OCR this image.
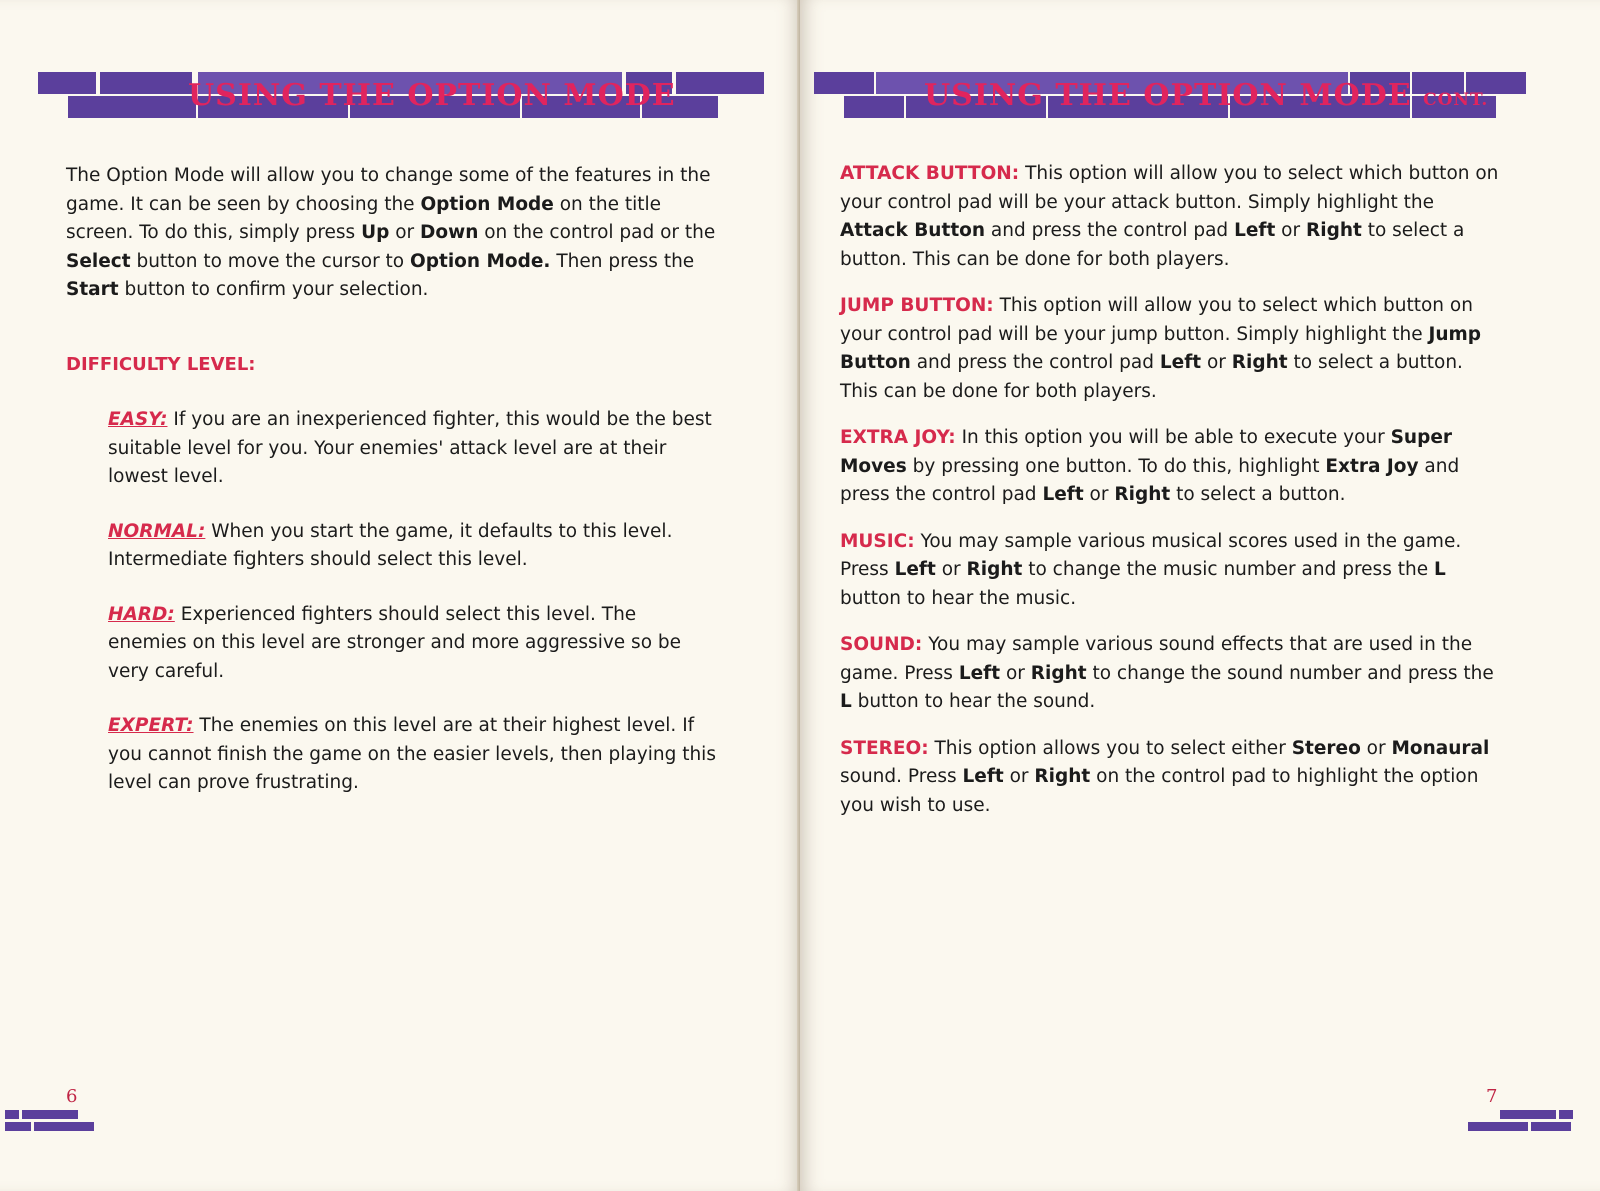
USING THE OPTION MODE

The Option Mode will allow you to change some of the features in the game. It can be seen by choosing the Option Mode on the title screen. To do this, simply press Up or Down on the control pad or the Select button to move the cursor to Option Mode. Then press the Start button to confirm your selection.

DIFFICULTY LEVEL:

EASY: If you are an inexperienced fighter, this would be the best suitable level for you. Your enemies' attack level are at their lowest level.

NORMAL: When you start the game, it defaults to this level. Intermediate fighters should select this level.

HARD: Experienced fighters should select this level. The enemies on this level are stronger and more aggressive so be very careful.

EXPERT: The enemies on this level are at their highest level. If you cannot finish the game on the easier levels, then playing this level can prove frustrating.

6
USING THE OPTION MODE CONT.

ATTACK BUTTON: This option will allow you to select which button on your control pad will be your attack button. Simply highlight the Attack Button and press the control pad Left or Right to select a button. This can be done for both players.

JUMP BUTTON: This option will allow you to select which button on your control pad will be your jump button. Simply highlight the Jump Button and press the control pad Left or Right to select a button. This can be done for both players.

EXTRA JOY: In this option you will be able to execute your Super Moves by pressing one button. To do this, highlight Extra Joy and press the control pad Left or Right to select a button.

MUSIC: You may sample various musical scores used in the game. Press Left or Right to change the music number and press the L button to hear the music.

SOUND: You may sample various sound effects that are used in the game. Press Left or Right to change the sound number and press the L button to hear the sound.

STEREO: This option allows you to select either Stereo or Monaural sound. Press Left or Right on the control pad to highlight the option you wish to use.

7
